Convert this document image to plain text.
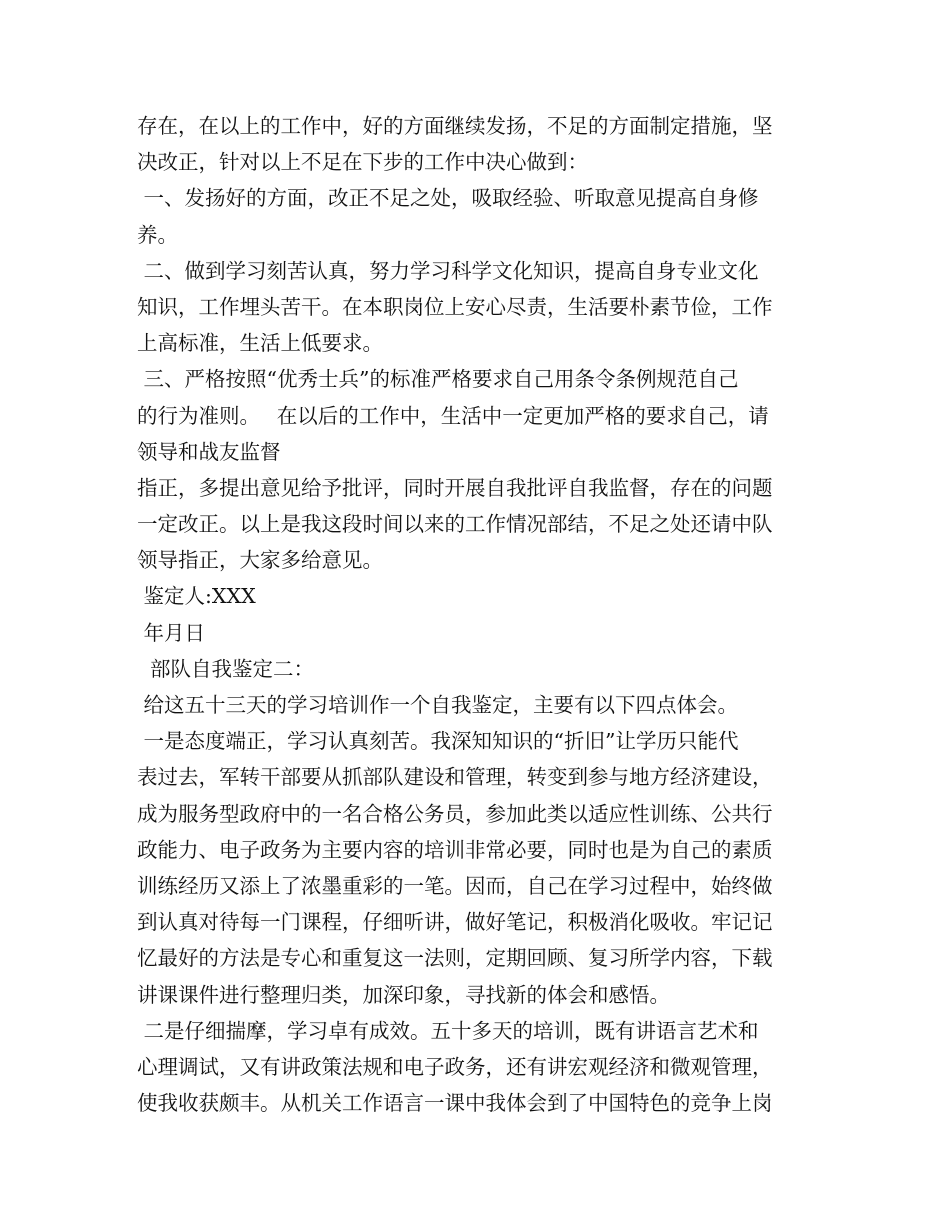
存在，在以上的工作中，好的方面继续发扬，不足的方面制定措施，坚
决改正，针对以上不足在下步的工作中决心做到：
一、发扬好的方面，改正不足之处，吸取经验、听取意见提高自身修
养。
二、做到学习刻苦认真，努力学习科学文化知识，提高自身专业文化
知识，工作埋头苦干。在本职岗位上安心尽责，生活要朴素节俭，工作
上高标准，生活上低要求。
三、严格按照“优秀士兵”的标准严格要求自己用条令条例规范自己
的行为准则。　 在以后的工作中，生活中一定更加严格的要求自己，请
领导和战友监督
指正，多提出意见给予批评，同时开展自我批评自我监督，存在的问题
一定改正。以上是我这段时间以来的工作情况部结，不足之处还请中队
领导指正，大家多给意见。
鉴定人:XXX
年月日
部队自我鉴定二：
给这五十三天的学习培训作一个自我鉴定，主要有以下四点体会。
一是态度端正，学习认真刻苦。我深知知识的“折旧”让学历只能代
表过去，军转干部要从抓部队建设和管理，转变到参与地方经济建设，
成为服务型政府中的一名合格公务员，参加此类以适应性训练、公共行
政能力、电子政务为主要内容的培训非常必要，同时也是为自己的素质
训练经历又添上了浓墨重彩的一笔。因而，自己在学习过程中，始终做
到认真对待每一门课程，仔细听讲，做好笔记，积极消化吸收。牢记记
忆最好的方法是专心和重复这一法则，定期回顾、复习所学内容，下载
讲课课件进行整理归类，加深印象，寻找新的体会和感悟。
二是仔细揣摩，学习卓有成效。五十多天的培训，既有讲语言艺术和
心理调试，又有讲政策法规和电子政务，还有讲宏观经济和微观管理，
使我收获颇丰。从机关工作语言一课中我体会到了中国特色的竞争上岗
